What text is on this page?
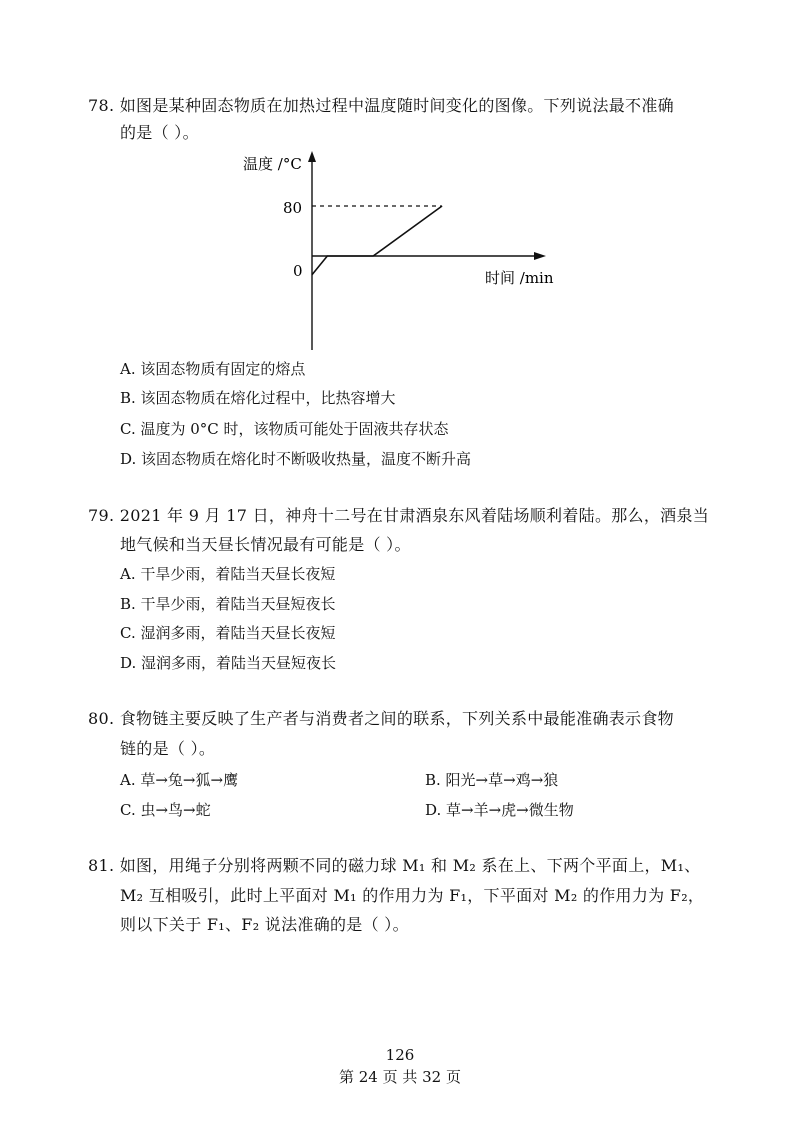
78. 如图是某种固态物质在加热过程中温度随时间变化的图像。下列说法最不准确
的是（ ）。
温度 /°C
80
0	时间 /min
A. 该固态物质有固定的熔点
B. 该固态物质在熔化过程中，比热容增大
C. 温度为 0°C 时，该物质可能处于固液共存状态
D. 该固态物质在熔化时不断吸收热量，温度不断升高
79. 2021 年 9 月 17 日，神舟十二号在甘肃酒泉东风着陆场顺利着陆。那么，酒泉当
地气候和当天昼长情况最有可能是（ ）。
A. 干旱少雨，着陆当天昼长夜短
B. 干旱少雨，着陆当天昼短夜长
C. 湿润多雨，着陆当天昼长夜短
D. 湿润多雨，着陆当天昼短夜长
80. 食物链主要反映了生产者与消费者之间的联系，下列关系中最能准确表示食物
链的是（ ）。
A. 草→兔→狐→鹰	B. 阳光→草→鸡→狼
C. 虫→鸟→蛇	D. 草→羊→虎→微生物
81. 如图，用绳子分别将两颗不同的磁力球 M₁ 和 M₂ 系在上、下两个平面上，M₁、
M₂ 互相吸引，此时上平面对 M₁ 的作用力为 F₁，下平面对 M₂ 的作用力为 F₂，
则以下关于 F₁、F₂ 说法准确的是（ ）。
126
第 24 页 共 32 页
